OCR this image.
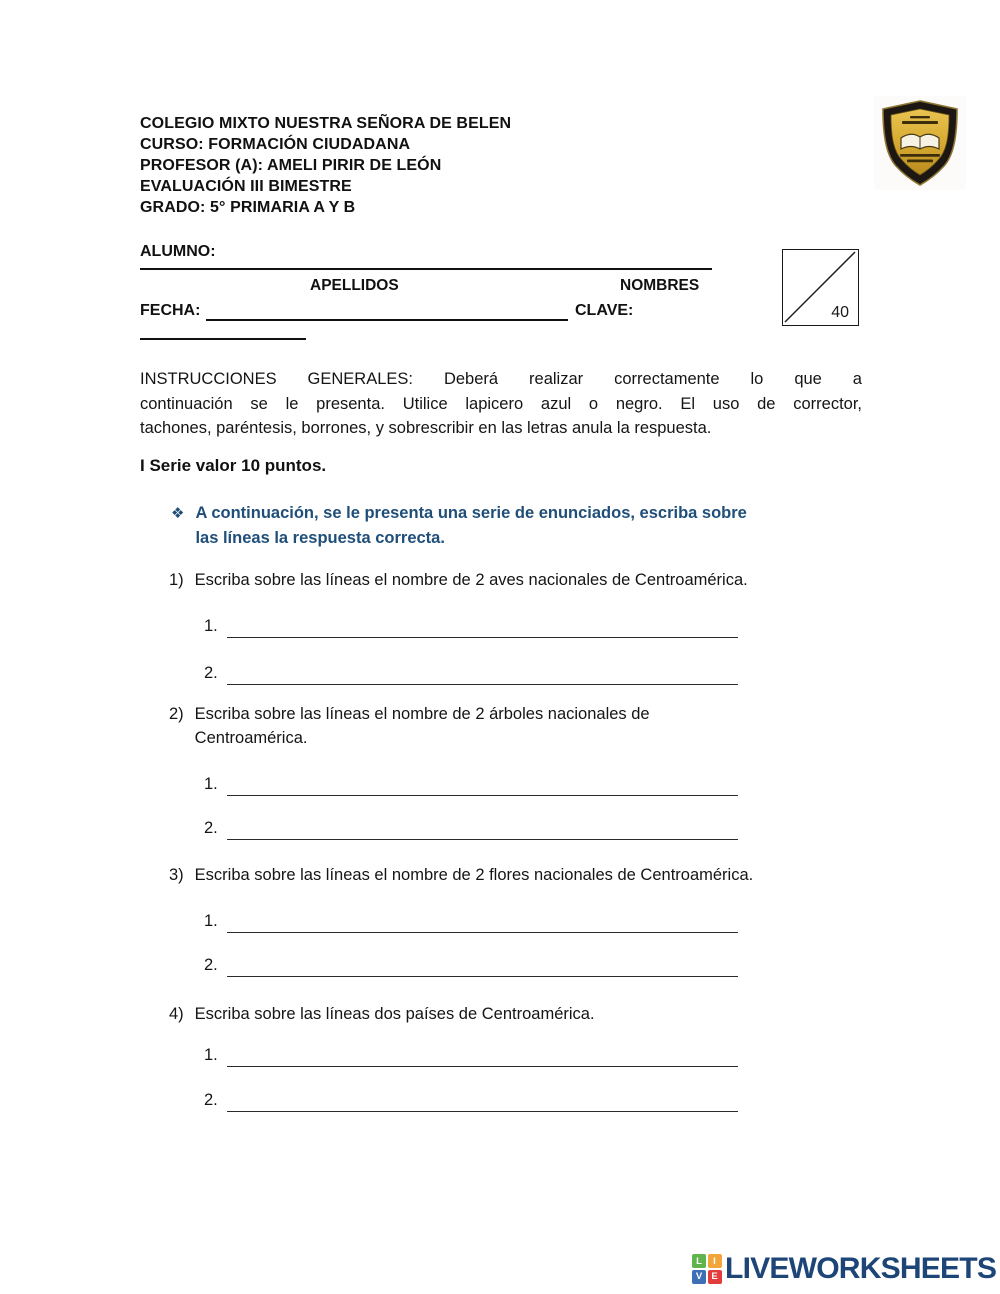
COLEGIO MIXTO NUESTRA SEÑORA DE BELEN
CURSO: FORMACIÓN CIUDADANA
PROFESOR (A): AMELI PIRIR DE LEÓN
EVALUACIÓN III BIMESTRE
GRADO: 5° PRIMARIA A Y B
ALUMNO:
APELLIDOS	NOMBRES
FECHA:	CLAVE:	40
INSTRUCCIONES GENERALES: Deberá realizar correctamente lo que a
continuación se le presenta. Utilice lapicero azul o negro. El uso de corrector,
tachones, paréntesis, borrones, y sobrescribir en las letras anula la respuesta.
I Serie valor 10 puntos.
❖ A continuación, se le presenta una serie de enunciados, escriba sobre
las líneas la respuesta correcta.
1) Escriba sobre las líneas el nombre de 2 aves nacionales de Centroamérica.
1.
2.
2) Escriba sobre las líneas el nombre de 2 árboles nacionales de
Centroamérica.
1.
2.
3) Escriba sobre las líneas el nombre de 2 flores nacionales de Centroamérica.
1.
2.
4) Escriba sobre las líneas dos países de Centroamérica.
1.
2.
L	I
V E LIVEWORKSHEETS
